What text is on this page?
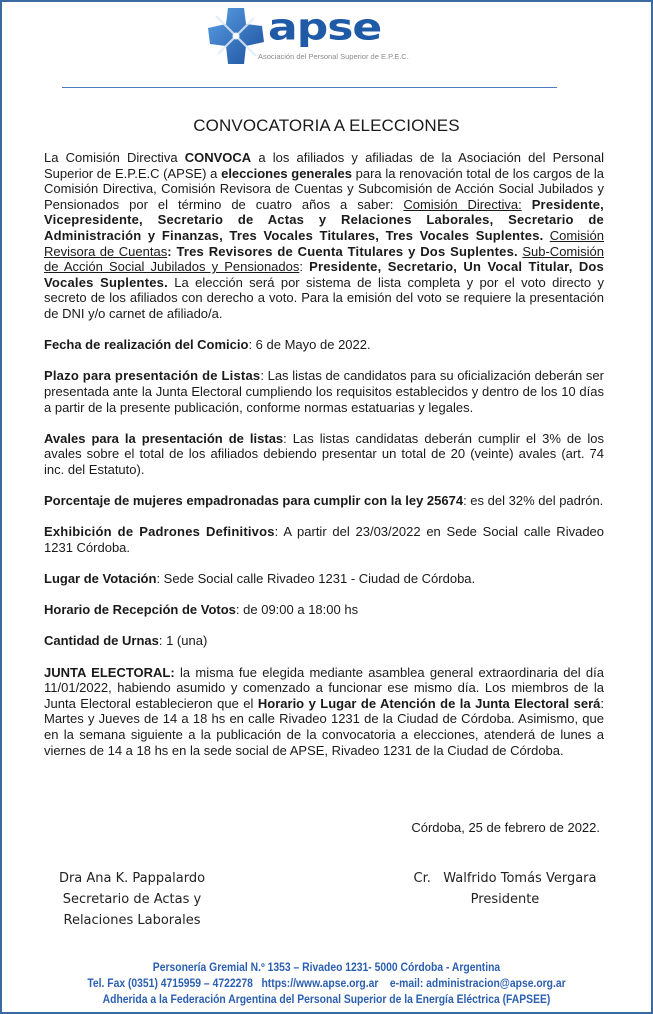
apse
Asociación del Personal Superior de E.P.E.C.
CONVOCATORIA A ELECCIONES

La Comisión Directiva CONVOCA a los afiliados y afiliadas de la Asociación del Personal Superior de E.P.E.C (APSE) a elecciones generales para la renovación total de los cargos de la Comisión Directiva, Comisión Revisora de Cuentas y Subcomisión de Acción Social Jubilados y Pensionados por el término de cuatro años a saber: Comisión Directiva: Presidente, Vicepresidente, Secretario de Actas y Relaciones Laborales, Secretario de Administración y Finanzas, Tres Vocales Titulares, Tres Vocales Suplentes. Comisión Revisora de Cuentas: Tres Revisores de Cuenta Titulares y Dos Suplentes. Sub-Comisión de Acción Social Jubilados y Pensionados: Presidente, Secretario, Un Vocal Titular, Dos Vocales Suplentes. La elección será por sistema de lista completa y por el voto directo y secreto de los afiliados con derecho a voto. Para la emisión del voto se requiere la presentación de DNI y/o carnet de afiliado/a.

Fecha de realización del Comicio: 6 de Mayo de 2022.

Plazo para presentación de Listas: Las listas de candidatos para su oficialización deberán ser presentada ante la Junta Electoral cumpliendo los requisitos establecidos y dentro de los 10 días a partir de la presente publicación, conforme normas estatuarias y legales.

Avales para la presentación de listas: Las listas candidatas deberán cumplir el 3% de los avales sobre el total de los afiliados debiendo presentar un total de 20 (veinte) avales (art. 74 inc. del Estatuto).

Porcentaje de mujeres empadronadas para cumplir con la ley 25674: es del 32% del padrón.

Exhibición de Padrones Definitivos: A partir del 23/03/2022 en Sede Social calle Rivadeo 1231 Córdoba.

Lugar de Votación: Sede Social calle Rivadeo 1231 - Ciudad de Córdoba.

Horario de Recepción de Votos: de 09:00 a 18:00 hs

Cantidad de Urnas: 1 (una)

JUNTA ELECTORAL: la misma fue elegida mediante asamblea general extraordinaria del día 11/01/2022, habiendo asumido y comenzado a funcionar ese mismo día. Los miembros de la Junta Electoral establecieron que el Horario y Lugar de Atención de la Junta Electoral será: Martes y Jueves de 14 a 18 hs en calle Rivadeo 1231 de la Ciudad de Córdoba. Asimismo, que en la semana siguiente a la publicación de la convocatoria a elecciones, atenderá de lunes a viernes de 14 a 18 hs en la sede social de APSE, Rivadeo 1231 de la Ciudad de Córdoba.

Córdoba, 25 de febrero de 2022.
Dra Ana K. Pappalardo
Secretario de Actas y
Relaciones Laborales
Cr.   Walfrido Tomás Vergara
Presidente
Personería Gremial N.º 1353 – Rivadeo 1231- 5000 Córdoba - Argentina
Tel. Fax (0351) 4715959 – 4722278   https://www.apse.org.ar    e-mail: administracion@apse.org.ar
Adherida a la Federación Argentina del Personal Superior de la Energía Eléctrica (FAPSEE)
